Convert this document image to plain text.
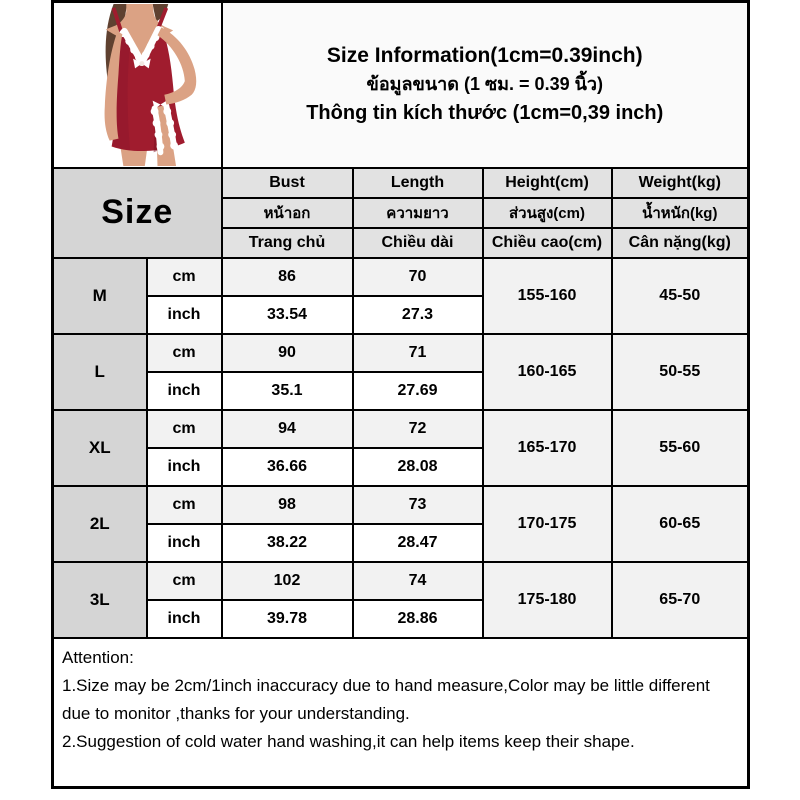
Size Information(1cm=0.39inch)
ข้อมูลขนาด (1 ซม. = 0.39 นิ้ว)
Thông tin kích thước (1cm=0,39 inch)			

Size		Bust	Length	Height(cm)	Weight(kg)
		หน้าอก	ความยาว	ส่วนสูง(cm)	น้ำหนัก(kg)
		Trang chủ	Chiều dài	Chiều cao(cm)	Cân nặng(kg)
M	cm	86	70	155-160	45-50
	inch	33.54	27.3		
L	cm	90	71	160-165	50-55
	inch	35.1	27.69		
XL	cm	94	72	165-170	55-60
	inch	36.66	28.08		
2L	cm	98	73	170-175	60-65
	inch	38.22	28.47		
3L	cm	102	74	175-180	65-70
	inch	39.78	28.86		

Attention:
1.Size may be 2cm/1inch inaccuracy due to hand measure,Color may be little different due to monitor ,thanks for your understanding.
2.Suggestion of cold water hand washing,it can help items keep their shape.					
